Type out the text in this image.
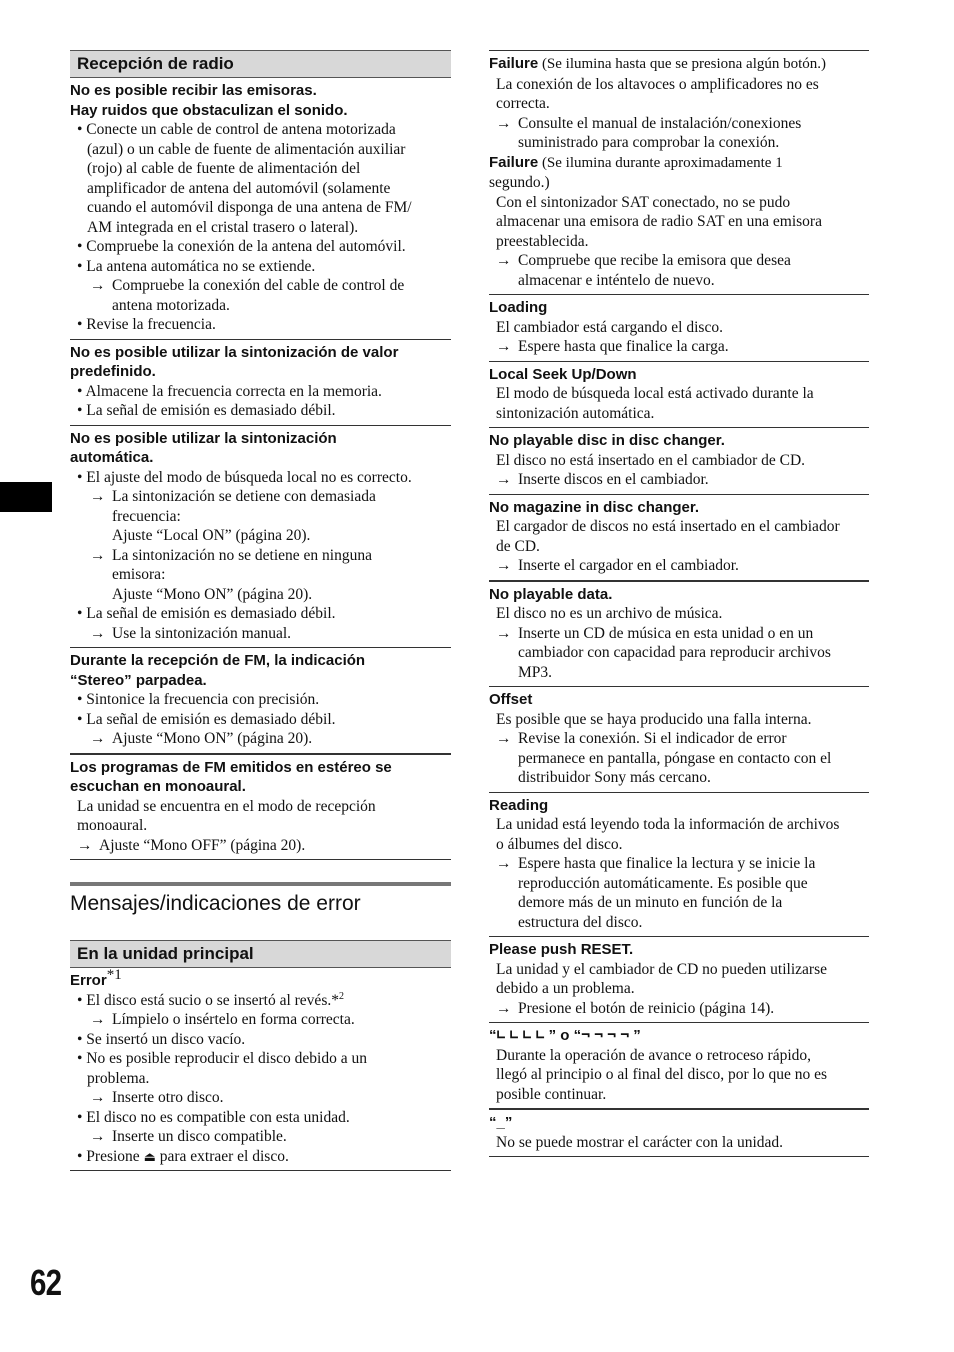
Recepción de radio

No es posible recibir las emisoras.

Hay ruidos que obstaculizan el sonido.

• Conecte un cable de control de antena motorizada

(azul) o un cable de fuente de alimentación auxiliar

(rojo) al cable de fuente de alimentación del

amplificador de antena del automóvil (solamente

cuando el automóvil disponga de una antena de FM/

AM integrada en el cristal trasero o lateral).

• Compruebe la conexión de la antena del automóvil.

• La antena automática no se extiende.

→ Compruebe la conexión del cable de control de

antena motorizada.

• Revise la frecuencia.

No es posible utilizar la sintonización de valor

predefinido.

• Almacene la frecuencia correcta en la memoria.

• La señal de emisión es demasiado débil.

No es posible utilizar la sintonización

automática.

• El ajuste del modo de búsqueda local no es correcto.

→ La sintonización se detiene con demasiada

frecuencia:

Ajuste “Local ON” (página 20).

→ La sintonización no se detiene en ninguna

emisora:

Ajuste “Mono ON” (página 20).

• La señal de emisión es demasiado débil.

→ Use la sintonización manual.

Durante la recepción de FM, la indicación

“Stereo” parpadea.

• Sintonice la frecuencia con precisión.

• La señal de emisión es demasiado débil.

→ Ajuste “Mono ON” (página 20).

Los programas de FM emitidos en estéreo se

escuchan en monoaural.

La unidad se encuentra en el modo de recepción

monoaural.

→ Ajuste “Mono OFF” (página 20).

Mensajes/indicaciones de error
En la unidad principal

Error*1

• El disco está sucio o se insertó al revés.*$^2$

→ Límpielo o insértelo en forma correcta.

• Se insertó un disco vacío.

• No es posible reproducir el disco debido a un

problema.

→ Inserte otro disco.

• El disco no es compatible con esta unidad.

→ Inserte un disco compatible.

• Presione ⏏ para extraer el disco.

Failure (Se ilumina hasta que se presiona algún botón.)

La conexión de los altavoces o amplificadores no es

correcta.

→ Consulte el manual de instalación/conexiones

suministrado para comprobar la conexión.

Failure (Se ilumina durante aproximadamente 1

segundo.)

Con el sintonizador SAT conectado, no se pudo

almacenar una emisora de radio SAT en una emisora

preestablecida.

→ Compruebe que recibe la emisora que desea

almacenar e inténtelo de nuevo.

Loading

El cambiador está cargando el disco.

→ Espere hasta que finalice la carga.

Local Seek Up/Down

El modo de búsqueda local está activado durante la

sintonización automática.

No playable disc in disc changer.

El disco no está insertado en el cambiador de CD.

→ Inserte discos en el cambiador.

No magazine in disc changer.

El cargador de discos no está insertado en el cambiador

de CD.

→ Inserte el cargador en el cambiador.

No playable data.

El disco no es un archivo de música.

→ Inserte un CD de música en esta unidad o en un

cambiador con capacidad para reproducir archivos

MP3.

Offset

Es posible que se haya producido una falla interna.

→ Revise la conexión. Si el indicador de error

permanece en pantalla, póngase en contacto con el

distribuidor Sony más cercano.

Reading

La unidad está leyendo toda la información de archivos

o álbumes del disco.

→ Espere hasta que finalice la lectura y se inicie la

reproducción automáticamente. Es posible que

demore más de un minuto en función de la

estructura del disco.

Please push RESET.

La unidad y el cambiador de CD no pueden utilizarse

debido a un problema.

→ Presione el botón de reinicio (página 14).

“∟∟∟∟” o “¬¬¬¬”

Durante la operación de avance o retroceso rápido,

llegó al principio o al final del disco, por lo que no es

posible continuar.

“_”

No se puede mostrar el carácter con la unidad.

62
